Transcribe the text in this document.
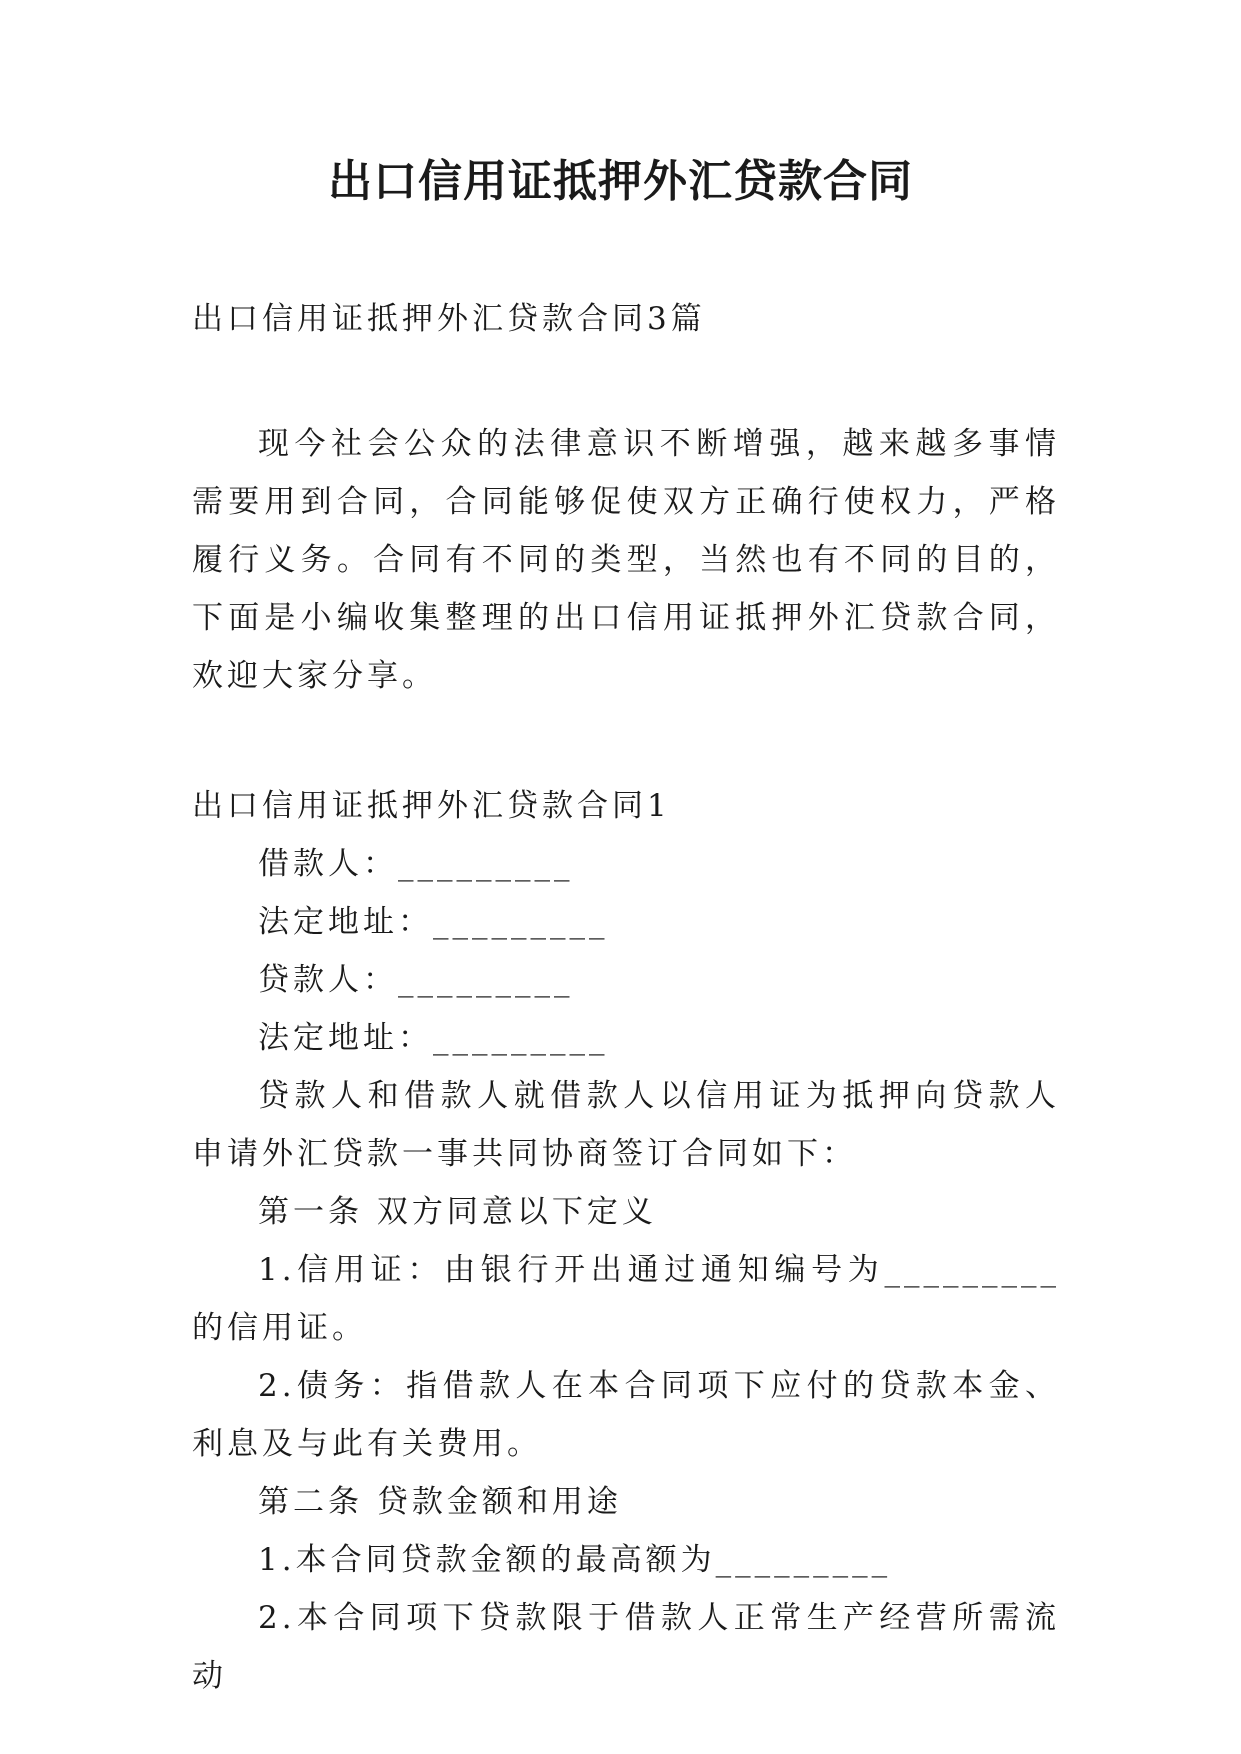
出口信用证抵押外汇贷款合同

出口信用证抵押外汇贷款合同3篇

现今社会公众的法律意识不断增强，越来越多事情需要用到合同，合同能够促使双方正确行使权力，严格履行义务。合同有不同的类型，当然也有不同的目的，下面是小编收集整理的出口信用证抵押外汇贷款合同，欢迎大家分享。

出口信用证抵押外汇贷款合同1

借款人：_________

法定地址：_________

贷款人：_________

法定地址：_________

贷款人和借款人就借款人以信用证为抵押向贷款人申请外汇贷款一事共同协商签订合同如下：

第一条 双方同意以下定义

1.信用证：由银行开出通过通知编号为_________的信用证。

2.债务：指借款人在本合同项下应付的贷款本金、利息及与此有关费用。

第二条 贷款金额和用途

1.本合同贷款金额的最高额为_________

2.本合同项下贷款限于借款人正常生产经营所需流动
